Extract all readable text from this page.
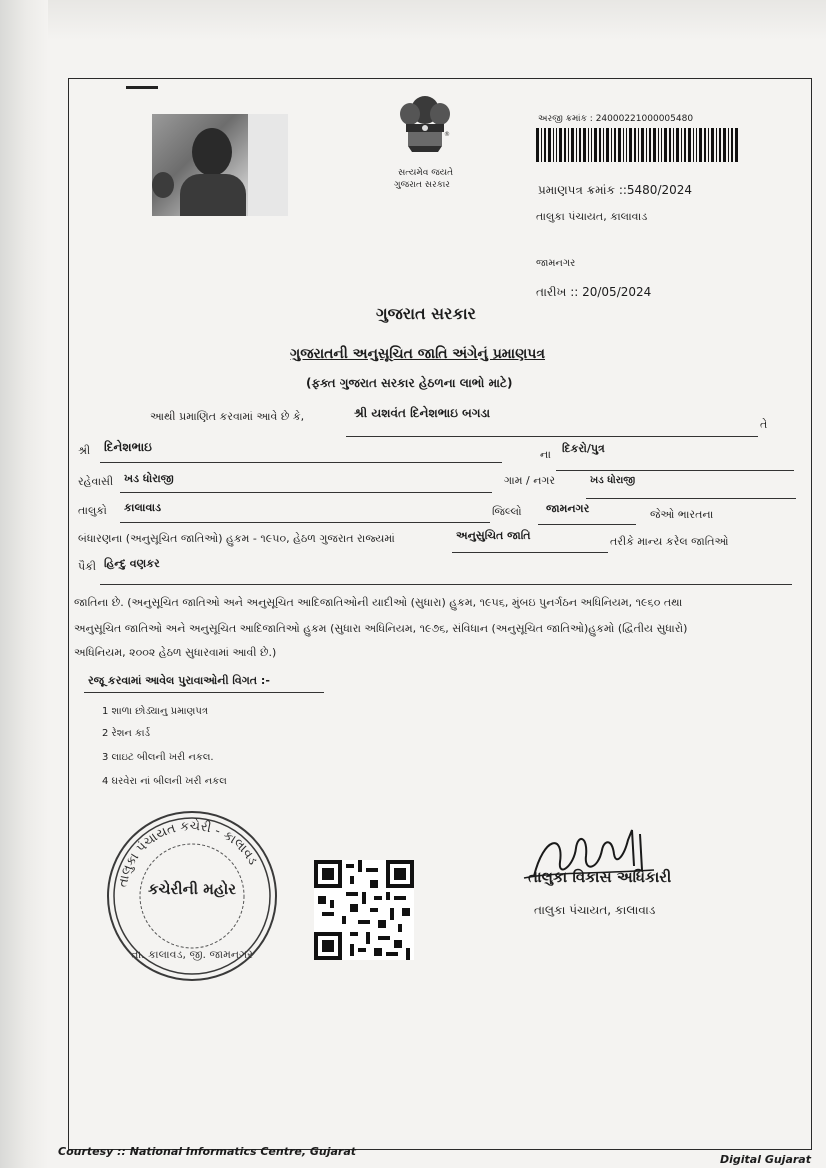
®
સત્યમેવ જયતે
ગુજરાત સરકાર
અરજી ક્રમાંક : 24000221000005480
પ્રમાણપત્ર ક્રમાંક ::5480/2024
તાલુકા પંચાયત, કાલાવાડ
જામનગર
તારીખ :: 20/05/2024
ગુજરાત સરકાર
ગુજરાતની અનુસૂચિત જાતિ અંગેનું પ્રમાણપત્ર
(ફક્ત ગુજરાત સરકાર હેઠળના લાભો માટે)
આથી પ્રમાણિત કરવામાં આવે છે કે,	શ્રી યશવંત દિનેશભાઇ બગડા
તે
શ્રી દિનેશભાઇ
ના દિકરો/પુત્ર
રહેવાસી ખડ ધોરાજી	ગામ / નગર	ખડ ધોરાજી
તાલુકો કાલાવાડ	જિલ્લો જામનગર	જેઓ ભારતના
બંધારણના (અનુસૂચિત જાતિઓ) હુકમ - ૧૯૫૦, હેઠળ ગુજરાત રાજ્યમાં	અનુસુચિત જાતિ	તરીકે માન્ય કરેલ જાતિઓ
પૈકી હિન્દુ વણકર
જાતિના છે. (અનુસૂચિત જાતિઓ અને અનુસૂચિત આદિજાતિઓની યાદીઓ (સુધારા) હુકમ, ૧૯૫૬, મુંબઇ પુનર્ગઠન અધિનિયમ, ૧૯૬૦ તથા
અનુસૂચિત જાતિઓ અને અનુસૂચિત આદિજાતિઓ હુકમ (સુધારા અધિનિયમ, ૧૯૭૬, સંવિધાન (અનુસૂચિત જાતિઓ)હુકમો (દ્વિતીય સુધારો)
અધિનિયમ, ૨૦૦૨ હેઠળ સુધારવામાં આવી છે.)
રજૂ કરવામાં આવેલ પુરાવાઓની વિગત :-
1 શાળા છોડ્યાનુ પ્રમાણપત્ર
2 રેશન કાર્ડ
3 લાઇટ બીલની ખરી નકલ.
4 ઘરવેરા નાં બીલની ખરી નકલ
તાલુકા પંચાયત કચેરી - કાલાવડ
કચેરીની મહોર
તા. કાલાવડ, જી. જામનગર
તાલુકા વિકાસ અધિકારી
તાલુકા પંચાયત, કાલાવાડ
Courtesy :: National Informatics Centre, Gujarat
Digital Gujarat
